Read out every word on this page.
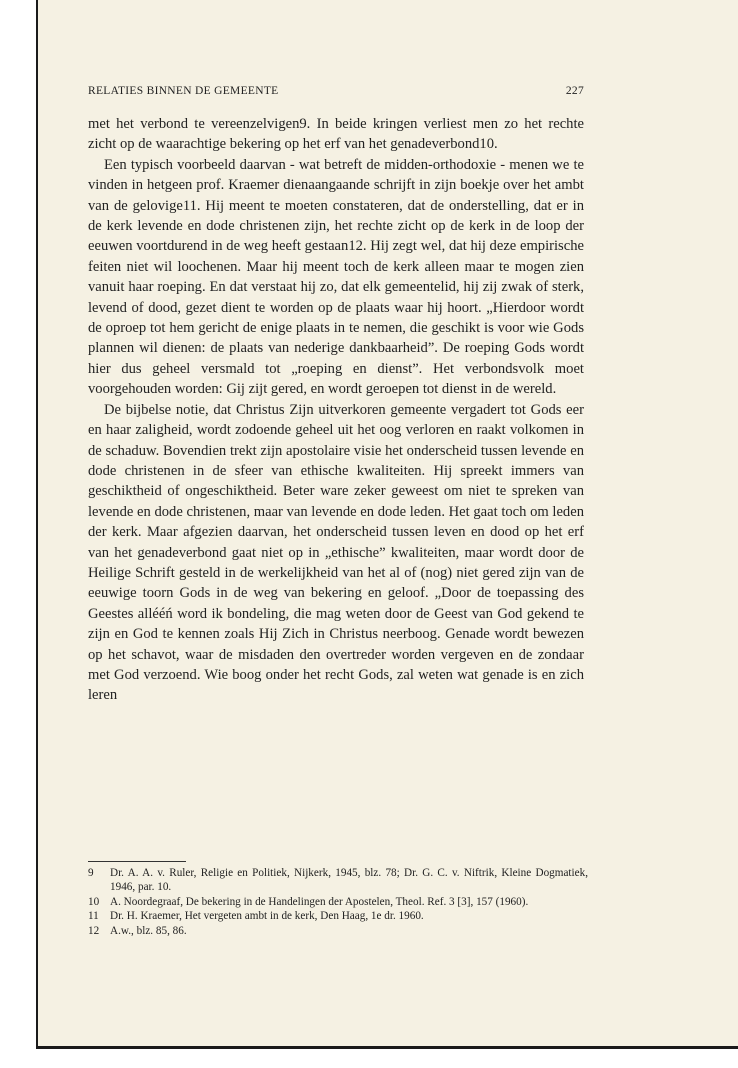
RELATIES BINNEN DE GEMEENTE	227

met het verbond te vereenzelvigen9. In beide kringen verliest men zo het rechte zicht op de waarachtige bekering op het erf van het genadeverbond10.

Een typisch voorbeeld daarvan - wat betreft de midden-orthodoxie - menen we te vinden in hetgeen prof. Kraemer dienaangaande schrijft in zijn boekje over het ambt van de gelovige11. Hij meent te moeten constateren, dat de onderstelling, dat er in de kerk levende en dode christenen zijn, het rechte zicht op de kerk in de loop der eeuwen voortdurend in de weg heeft gestaan12. Hij zegt wel, dat hij deze empirische feiten niet wil loochenen. Maar hij meent toch de kerk alleen maar te mogen zien vanuit haar roeping. En dat verstaat hij zo, dat elk gemeentelid, hij zij zwak of sterk, levend of dood, gezet dient te worden op de plaats waar hij hoort. „Hierdoor wordt de oproep tot hem gericht de enige plaats in te nemen, die geschikt is voor wie Gods plannen wil dienen: de plaats van nederige dankbaarheid”. De roeping Gods wordt hier dus geheel versmald tot „roeping en dienst”. Het verbondsvolk moet voorgehouden worden: Gij zijt gered, en wordt geroepen tot dienst in de wereld.

De bijbelse notie, dat Christus Zijn uitverkoren gemeente vergadert tot Gods eer en haar zaligheid, wordt zodoende geheel uit het oog verloren en raakt volkomen in de schaduw. Bovendien trekt zijn apostolaire visie het onderscheid tussen levende en dode christenen in de sfeer van ethische kwaliteiten. Hij spreekt immers van geschiktheid of ongeschiktheid. Beter ware zeker geweest om niet te spreken van levende en dode christenen, maar van levende en dode leden. Het gaat toch om leden der kerk. Maar afgezien daarvan, het onderscheid tussen leven en dood op het erf van het genadeverbond gaat niet op in „ethische” kwaliteiten, maar wordt door de Heilige Schrift gesteld in de werkelijkheid van het al of (nog) niet gered zijn van de eeuwige toorn Gods in de weg van bekering en geloof. „Door de toepassing des Geestes allééń word ik bondeling, die mag weten door de Geest van God gekend te zijn en God te kennen zoals Hij Zich in Christus neerboog. Genade wordt bewezen op het schavot, waar de misdaden den overtreder worden vergeven en de zondaar met God verzoend. Wie boog onder het recht Gods, zal weten wat genade is en zich leren

9 Dr. A. A. v. Ruler, Religie en Politiek, Nijkerk, 1945, blz. 78; Dr. G. C. v. Niftrik, Kleine Dogmatiek, 1946, par. 10.
10 A. Noordegraaf, De bekering in de Handelingen der Apostelen, Theol. Ref. 3 [3], 157 (1960).
11 Dr. H. Kraemer, Het vergeten ambt in de kerk, Den Haag, 1e dr. 1960.
12 A.w., blz. 85, 86.
